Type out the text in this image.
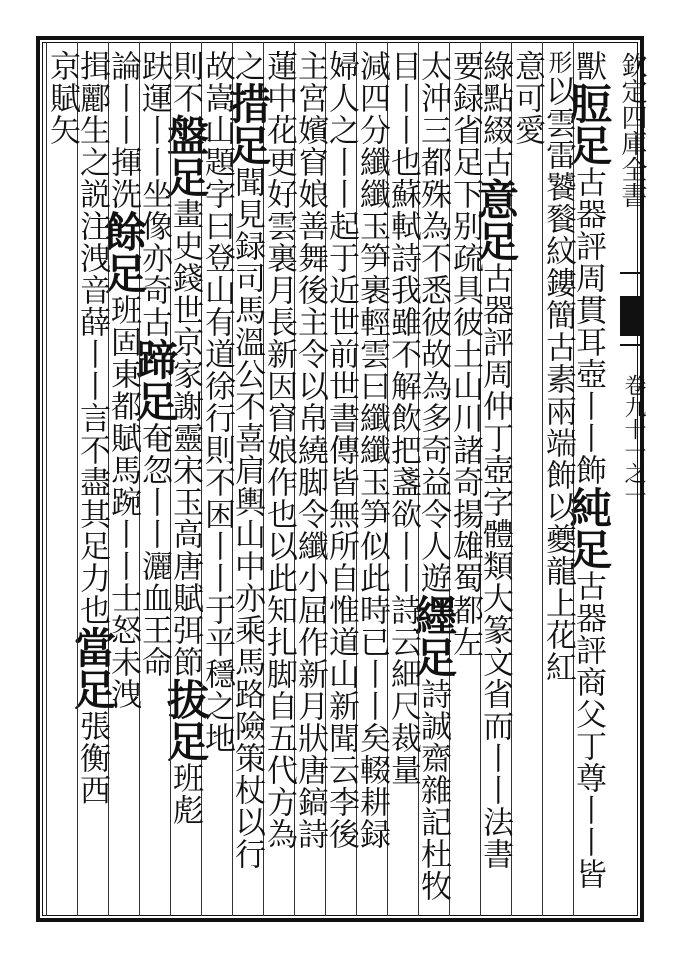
獸脰足古器評周貫耳壺丨丨飾純足古器評商父丁尊丨丨皆
形以雲雷饕餮紋鏤簡古素兩端飾以夔龍上花紅
意可愛
綠點綴古意足古器評周仲丁壺字體類大篆文省而丨丨法書
要録省足下别疏具彼土山川諸奇揚雄蜀都左
太沖三都殊為不悉彼故為多奇益令人遊纆足詩誠齋雜記杜牧
目丨丨也蘇軾詩我雖不解飲把盞欲丨丨詩云細尺裁量
減四分纖纖玉笋裹輕雲曰纖纖玉笋似此時已丨丨矣輟耕録
婦人之丨丨起于近世前世書傳皆無所自惟道山新聞云李後
主宮嬪窅娘善舞後主令以帛繞脚令纖小屈作新月狀唐鎬詩
蓮中花更好雲裏月長新因窅娘作也以此知扎脚自五代方為
之措足聞見録司馬溫公不喜肩輿山中亦乘馬路險策杖以行
故嵩山題字曰登山有道徐行則不困丨丨于平穩之地
則不盤足畫史錢世京家謝靈宋玉高唐賦弭節拔足班彪
趺運丨丨坐像亦奇古蹄足奄忽丨丨灑血王命
論丨丨揮洗餘足班固東都賦馬踠丨丨士怒未洩
揖酈生之説注洩音薛丨丨言不盡其足力也當足張衡西
京賦矢	欽定四庫全書
卷九十一之一
